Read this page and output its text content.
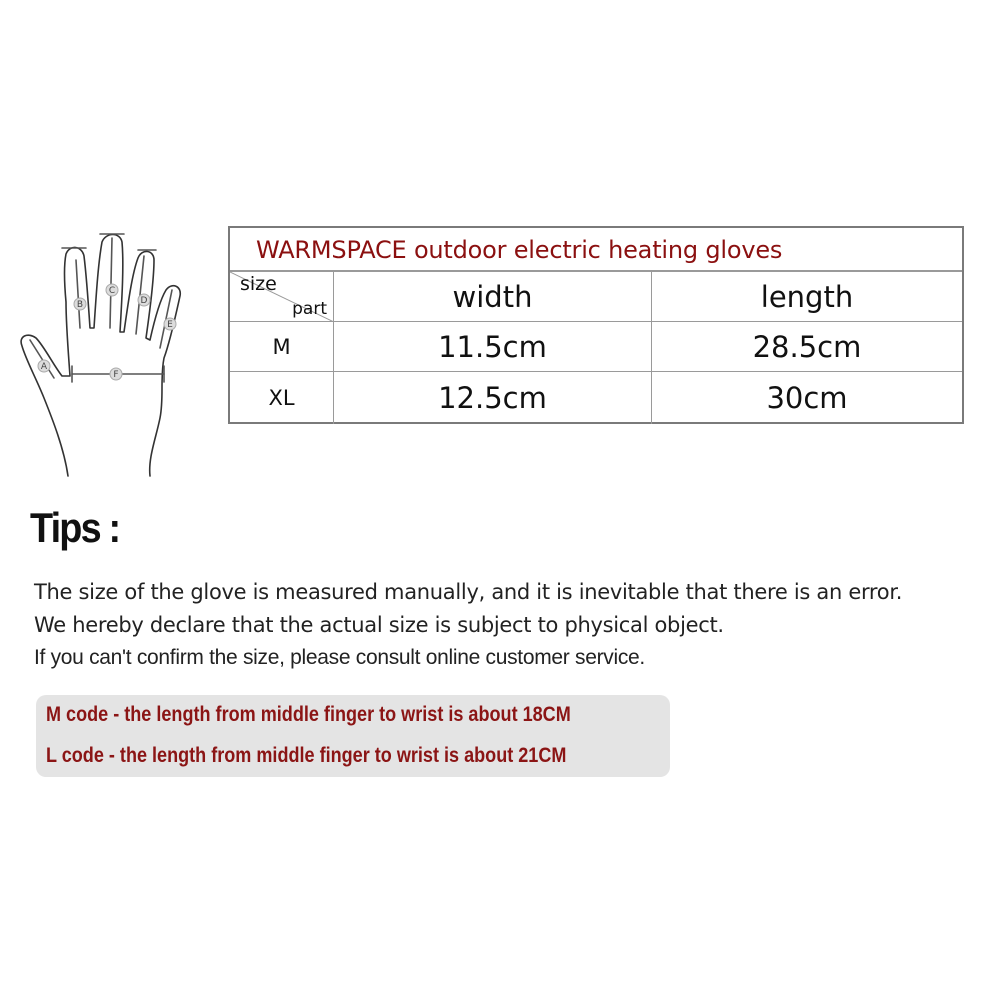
A
B
C
D
E
F
WARMSPACE outdoor electric heating gloves
size
part	width	length
M	11.5cm	28.5cm
XL	12.5cm	30cm
Tips :
The size of the glove is measured manually, and it is inevitable that there is an error.
We hereby declare that the actual size is subject to physical object.
If you can't confirm the size, please consult online customer service.
M code - the length from middle finger to wrist is about 18CM
L code - the length from middle finger to wrist is about 21CM
